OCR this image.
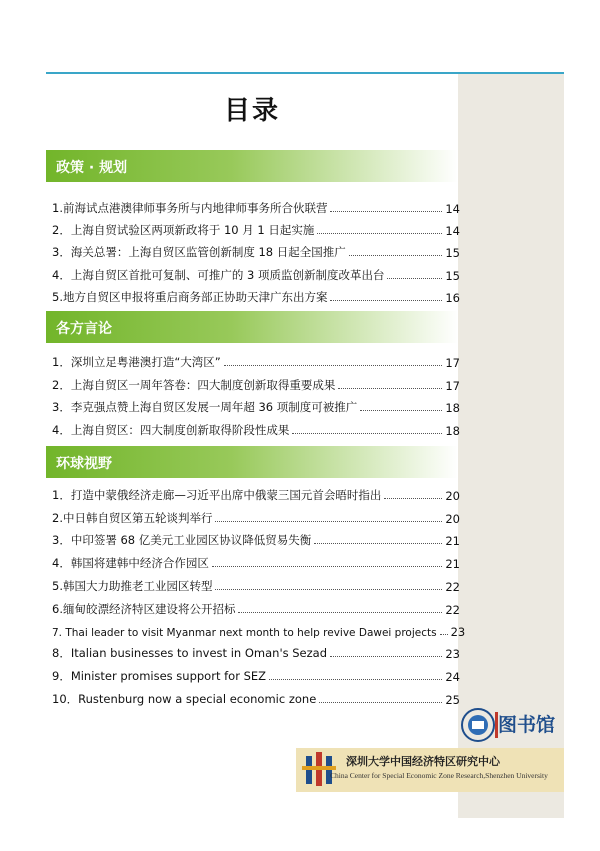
目录
政策 · 规划
1.前海试点港澳律师事务所与内地律师事务所合伙联营	14
2．上海自贸试验区两项新政将于 10 月 1 日起实施	14
3．海关总署：上海自贸区监管创新制度 18 日起全国推广	15
4．上海自贸区首批可复制、可推广的 3 项质监创新制度改革出台	15
5.地方自贸区申报将重启商务部正协助天津广东出方案	16
各方言论
1．深圳立足粤港澳打造“大湾区”	17
2．上海自贸区一周年答卷：四大制度创新取得重要成果	17
3．李克强点赞上海自贸区发展一周年超 36 项制度可被推广	18
4．上海自贸区：四大制度创新取得阶段性成果	18
环球视野
1．打造中蒙俄经济走廊—习近平出席中俄蒙三国元首会晤时指出	20
2.中日韩自贸区第五轮谈判举行	20
3．中印签署 68 亿美元工业园区协议降低贸易失衡	21
4．韩国将建韩中经济合作园区	21
5.韩国大力助推老工业园区转型	22
6.缅甸皎漂经济特区建设将公开招标	22
7. Thai leader to visit Myanmar next month to help revive Dawei projects 23
8．Italian businesses to invest in Oman's Sezad	23
9．Minister promises support for SEZ	24
10．Rustenburg now a special economic zone	25
图书馆
深圳大学中国经济特区研究中心
China Center for Special Economic Zone Research,Shenzhen University
